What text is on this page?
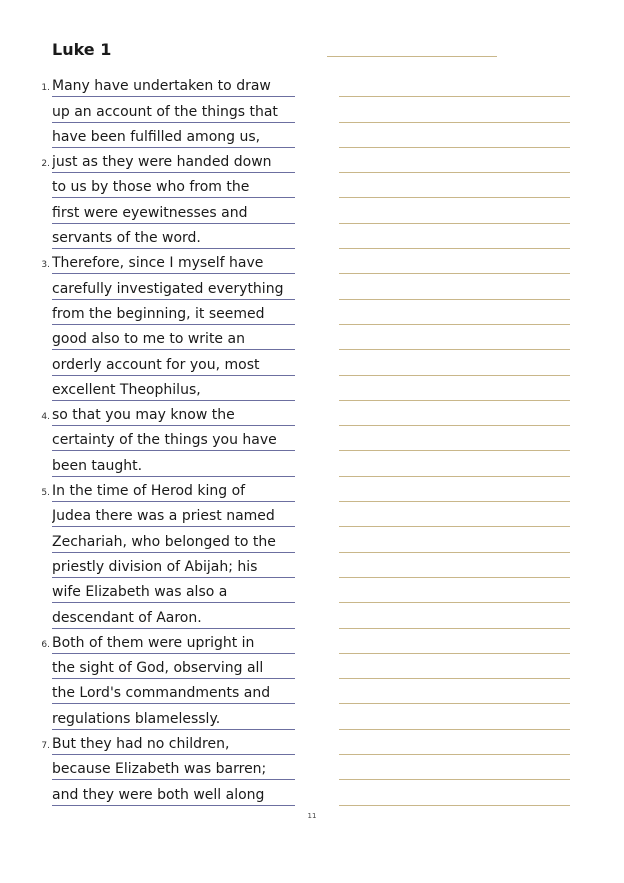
Luke 1
1. Many have undertaken to draw
up an account of the things that
have been fulfilled among us,
2. just as they were handed down
to us by those who from the
first were eyewitnesses and
servants of the word.
3. Therefore, since I myself have
carefully investigated everything
from the beginning, it seemed
good also to me to write an
orderly account for you, most
excellent Theophilus,
4. so that you may know the
certainty of the things you have
been taught.
5. In the time of Herod king of
Judea there was a priest named
Zechariah, who belonged to the
priestly division of Abijah; his
wife Elizabeth was also a
descendant of Aaron.
6. Both of them were upright in
the sight of God, observing all
the Lord's commandments and
regulations blamelessly.
7. But they had no children,
because Elizabeth was barren;
and they were both well along
11
